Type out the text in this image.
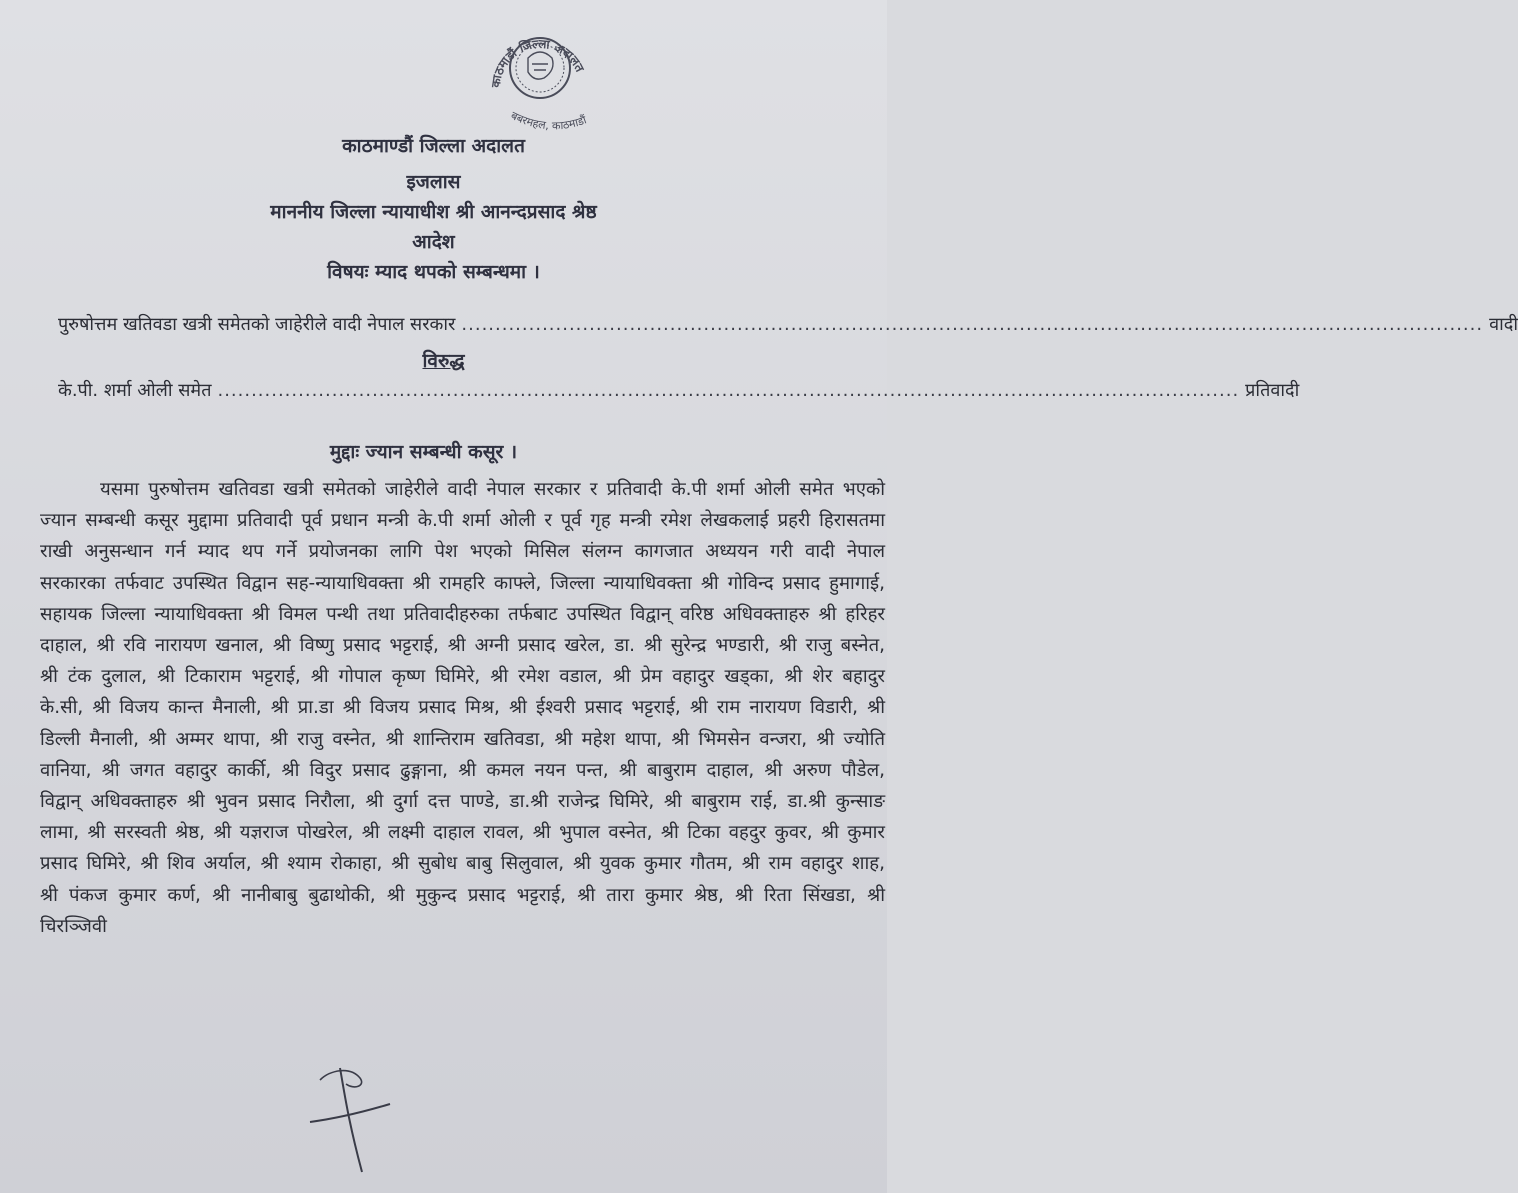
काठमाडौं जिल्ला अदालत
बबरमहल, काठमाडौं
काठमाण्डौं जिल्ला अदालत
इजलास
माननीय जिल्ला न्यायाधीश श्री आनन्दप्रसाद श्रेष्ठ
आदेश
विषयः म्याद थपको सम्बन्धमा ।
पुरुषोत्तम खतिवडा खत्री समेतको जाहेरीले वादी नेपाल सरकार ........................................................................................................................................................ वादी
विरुद्ध
के.पी. शर्मा ओली समेत ........................................................................................................................................................ प्रतिवादी
मुद्दाः ज्यान सम्बन्धी कसूर ।
यसमा पुरुषोत्तम खतिवडा खत्री समेतको जाहेरीले वादी नेपाल सरकार र प्रतिवादी के.पी शर्मा ओली समेत भएको ज्यान सम्बन्धी कसूर मुद्दामा प्रतिवादी पूर्व प्रधान मन्त्री के.पी शर्मा ओली र पूर्व गृह मन्त्री रमेश लेखकलाई प्रहरी हिरासतमा राखी अनुसन्धान गर्न म्याद थप गर्ने प्रयोजनका लागि पेश भएको मिसिल संलग्न कागजात अध्ययन गरी वादी नेपाल सरकारका तर्फवाट उपस्थित विद्वान सह-न्यायाधिवक्ता श्री रामहरि काफ्ले, जिल्ला न्यायाधिवक्ता श्री गोविन्द प्रसाद हुमागाई, सहायक जिल्ला न्यायाधिवक्ता श्री विमल पन्थी तथा प्रतिवादीहरुका तर्फबाट उपस्थित विद्वान् वरिष्ठ अधिवक्ताहरु श्री हरिहर दाहाल, श्री रवि नारायण खनाल, श्री विष्णु प्रसाद भट्टराई, श्री अग्नी प्रसाद खरेल, डा. श्री सुरेन्द्र भण्डारी, श्री राजु बस्नेत, श्री टंक दुलाल, श्री टिकाराम भट्टराई, श्री गोपाल कृष्ण घिमिरे, श्री रमेश वडाल, श्री प्रेम वहादुर खड्का, श्री शेर बहादुर के.सी, श्री विजय कान्त मैनाली, श्री प्रा.डा श्री विजय प्रसाद मिश्र, श्री ईश्वरी प्रसाद भट्टराई, श्री राम नारायण विडारी, श्री डिल्ली मैनाली, श्री अम्मर थापा, श्री राजु वस्नेत, श्री शान्तिराम खतिवडा, श्री महेश थापा, श्री भिमसेन वन्जरा, श्री ज्योति वानिया, श्री जगत वहादुर कार्की, श्री विदुर प्रसाद ढुङ्गाना, श्री कमल नयन पन्त, श्री बाबुराम दाहाल, श्री अरुण पौडेल, विद्वान् अधिवक्ताहरु श्री भुवन प्रसाद निरौला, श्री दुर्गा दत्त पाण्डे, डा.श्री राजेन्द्र घिमिरे, श्री बाबुराम राई, डा.श्री कुन्साङ लामा, श्री सरस्वती श्रेष्ठ, श्री यज्ञराज पोखरेल, श्री लक्ष्मी दाहाल रावल, श्री भुपाल वस्नेत, श्री टिका वहदुर कुवर, श्री कुमार प्रसाद घिमिरे, श्री शिव अर्याल, श्री श्याम रोकाहा, श्री सुबोध बाबु सिलुवाल, श्री युवक कुमार गौतम, श्री राम वहादुर शाह, श्री पंकज कुमार कर्ण, श्री नानीबाबु बुढाथोकी, श्री मुकुन्द प्रसाद भट्टराई, श्री तारा कुमार श्रेष्ठ, श्री रिता सिंखडा, श्री चिरञ्जिवी
